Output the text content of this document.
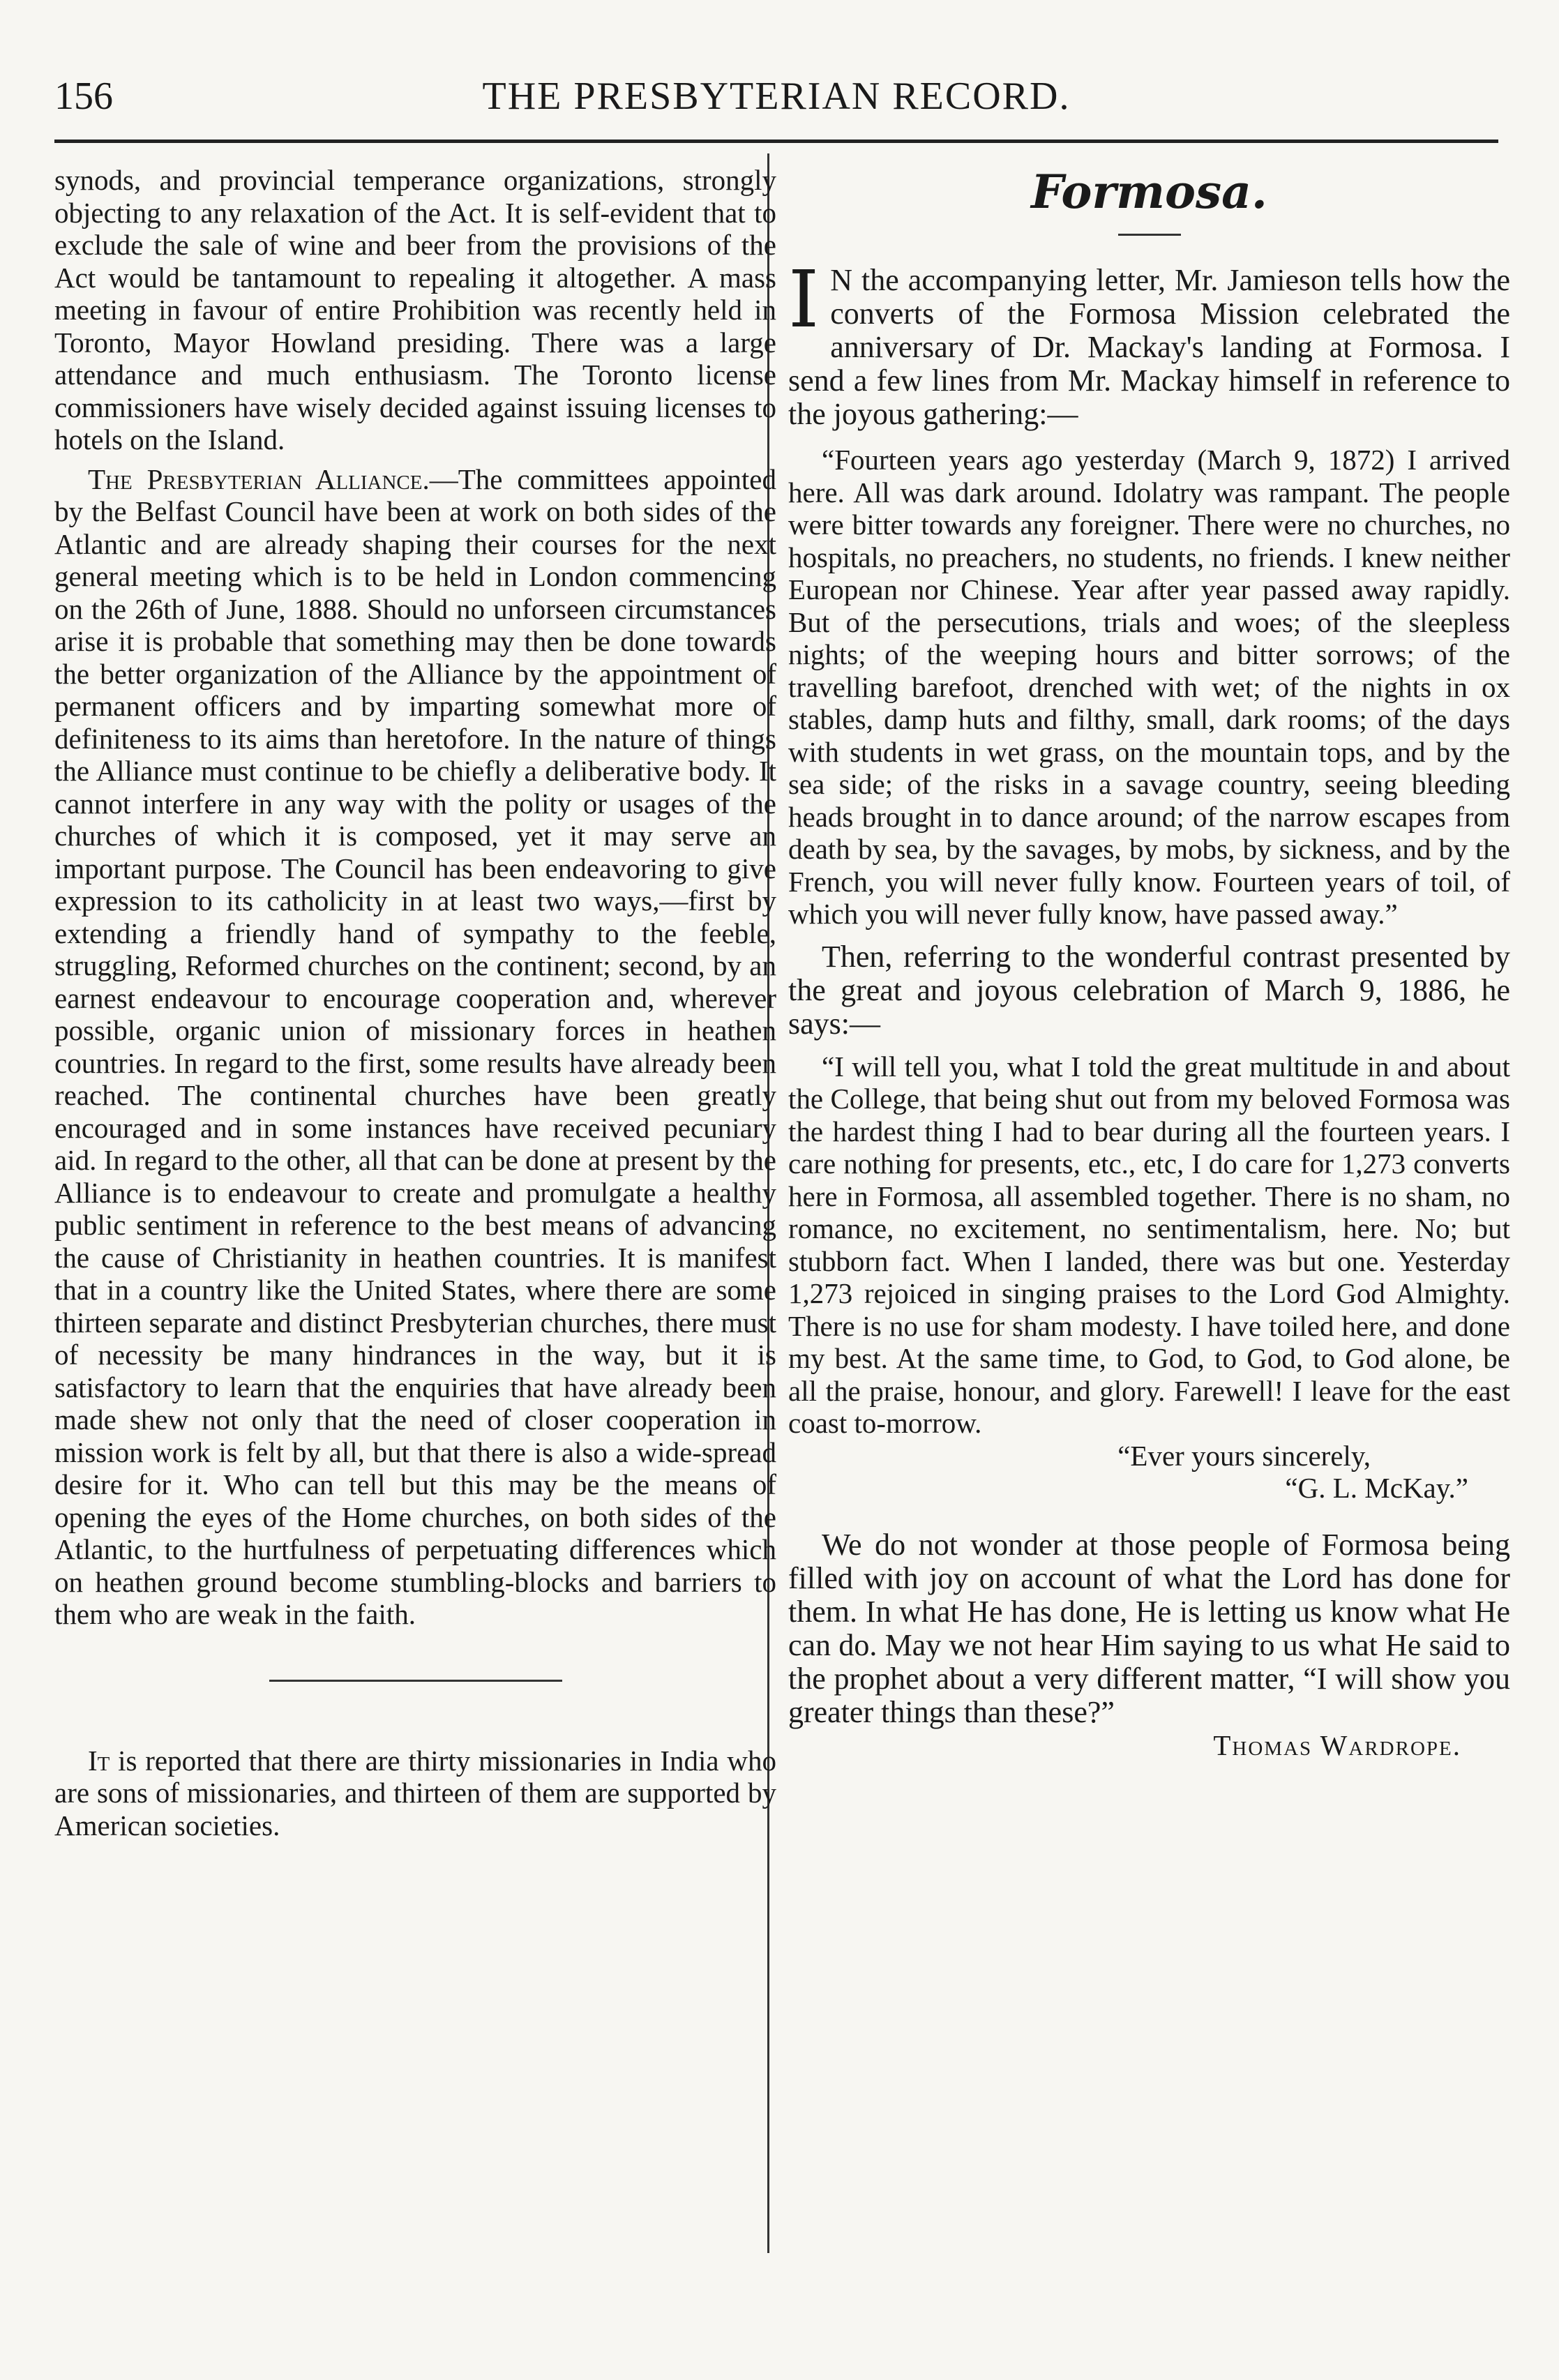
156	THE PRESBYTERIAN RECORD.

synods, and provincial temperance organizations, strongly objecting to any relaxation of the Act. It is self-evident that to exclude the sale of wine and beer from the provisions of the Act would be tantamount to repealing it altogether. A mass meeting in favour of entire Prohibition was recently held in Toronto, Mayor Howland presiding. There was a large attendance and much enthusiasm. The Toronto license commissioners have wisely decided against issuing licenses to hotels on the Island.

The Presbyterian Alliance.—The committees appointed by the Belfast Council have been at work on both sides of the Atlantic and are already shaping their courses for the next general meeting which is to be held in London commencing on the 26th of June, 1888. Should no unforseen circumstances arise it is probable that something may then be done towards the better organization of the Alliance by the appointment of permanent officers and by imparting somewhat more of definiteness to its aims than heretofore. In the nature of things the Alliance must continue to be chiefly a deliberative body. It cannot interfere in any way with the polity or usages of the churches of which it is composed, yet it may serve an important purpose. The Council has been endeavoring to give expression to its catholicity in at least two ways,—first by extending a friendly hand of sympathy to the feeble, struggling, Reformed churches on the continent; second, by an earnest endeavour to encourage cooperation and, wherever possible, organic union of missionary forces in heathen countries. In regard to the first, some results have already been reached. The continental churches have been greatly encouraged and in some instances have received pecuniary aid. In regard to the other, all that can be done at present by the Alliance is to endeavour to create and promulgate a healthy public sentiment in reference to the best means of advancing the cause of Christianity in heathen countries. It is manifest that in a country like the United States, where there are some thirteen separate and distinct Presbyterian churches, there must of necessity be many hindrances in the way, but it is satisfactory to learn that the enquiries that have already been made shew not only that the need of closer cooperation in mission work is felt by all, but that there is also a wide-spread desire for it. Who can tell but this may be the means of opening the eyes of the Home churches, on both sides of the Atlantic, to the hurtfulness of perpetuating differences which on heathen ground become stumbling-blocks and barriers to them who are weak in the faith.

It is reported that there are thirty missionaries in India who are sons of missionaries, and thirteen of them are supported by American societies.

Formosa.

I N the accompanying letter, Mr. Jamieson tells how the converts of the Formosa Mission celebrated the anniversary of Dr. Mackay's landing at Formosa. I send a few lines from Mr. Mackay himself in reference to the joyous gathering:—

“Fourteen years ago yesterday (March 9, 1872) I arrived here. All was dark around. Idolatry was rampant. The people were bitter towards any foreigner. There were no churches, no hospitals, no preachers, no students, no friends. I knew neither European nor Chinese. Year after year passed away rapidly. But of the persecutions, trials and woes; of the sleepless nights; of the weeping hours and bitter sorrows; of the travelling barefoot, drenched with wet; of the nights in ox stables, damp huts and filthy, small, dark rooms; of the days with students in wet grass, on the mountain tops, and by the sea side; of the risks in a savage country, seeing bleeding heads brought in to dance around; of the narrow escapes from death by sea, by the savages, by mobs, by sickness, and by the French, you will never fully know. Fourteen years of toil, of which you will never fully know, have passed away.”

Then, referring to the wonderful contrast presented by the great and joyous celebration of March 9, 1886, he says:—

“I will tell you, what I told the great multitude in and about the College, that being shut out from my beloved Formosa was the hardest thing I had to bear during all the fourteen years. I care nothing for presents, etc., etc, I do care for 1,273 converts here in Formosa, all assembled together. There is no sham, no romance, no excitement, no sentimentalism, here. No; but stubborn fact. When I landed, there was but one. Yesterday 1,273 rejoiced in singing praises to the Lord God Almighty. There is no use for sham modesty. I have toiled here, and done my best. At the same time, to God, to God, to God alone, be all the praise, honour, and glory. Farewell! I leave for the east coast to-morrow.

“Ever yours sincerely,

“G. L. McKay.”

We do not wonder at those people of Formosa being filled with joy on account of what the Lord has done for them. In what He has done, He is letting us know what He can do. May we not hear Him saying to us what He said to the prophet about a very different matter, “I will show you greater things than these?”

Thomas Wardrope.
